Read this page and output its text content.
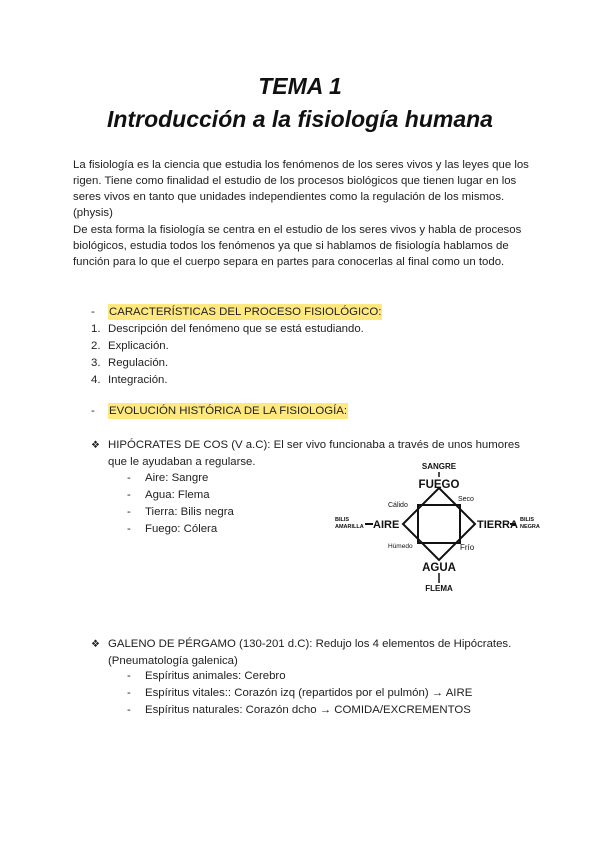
TEMA 1
Introducción a la fisiología humana

La fisiología es la ciencia que estudia los fenómenos de los seres vivos y las leyes que los rigen. Tiene como finalidad el estudio de los procesos biológicos que tienen lugar en los seres vivos en tanto que unidades independientes como la regulación de los mismos. (physis)

De esta forma la fisiología se centra en el estudio de los seres vivos y habla de procesos biológicos, estudia todos los fenómenos ya que si hablamos de fisiología hablamos de función para lo que el cuerpo separa en partes para conocerlas al final como un todo.

- CARACTERÍSTICAS DEL PROCESO FISIOLÓGICO:
1. Descripción del fenómeno que se está estudiando.
2. Explicación.
3. Regulación.
4. Integración.
- EVOLUCIÓN HISTÓRICA DE LA FISIOLOGÍA:
❖ HIPÓCRATES DE COS (V a.C): El ser vivo funcionaba a través de unos humores que le ayudaban a regularse.
- Aire: Sangre
- Agua: Flema
- Tierra: Bilis negra
- Fuego: Cólera
SANGRE
FUEGO
Cálido
Seco
BILIS
AMARILLA AIRE	TIERRA BILIS
NEGRA
Húmedo	Frío
AGUA
FLEMA
❖ GALENO DE PÉRGAMO (130-201 d.C): Redujo los 4 elementos de Hipócrates. (Pneumatología galenica)
- Espíritus animales: Cerebro
- Espíritus vitales:: Corazón izq (repartidos por el pulmón) → AIRE
- Espíritus naturales: Corazón dcho → COMIDA/EXCREMENTOS
